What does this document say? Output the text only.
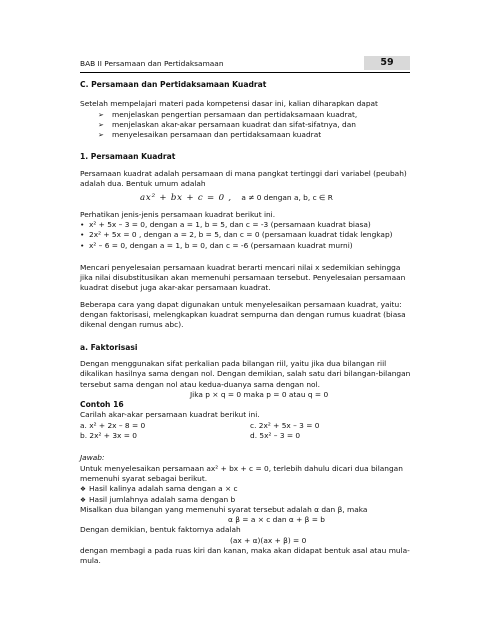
BAB II Persamaan dan Pertidaksamaan	59

C. Persamaan dan Pertidaksamaan Kuadrat

Setelah mempelajari materi pada kompetensi dasar ini, kalian diharapkan dapat

➢ menjelaskan pengertian persamaan dan pertidaksamaan kuadrat,
➢ menjelaskan akar-akar persamaan kuadrat dan sifat-sifatnya, dan
➢ menyelesaikan persamaan dan pertidaksamaan kuadrat

1. Persamaan Kuadrat

Persamaan kuadrat adalah persamaan di mana pangkat tertinggi dari variabel (peubah) adalah dua. Bentuk umum adalah

ax² + bx + c = 0 , a ≠ 0 dengan a, b, c ∈ R

Perhatikan jenis-jenis persamaan kuadrat berikut ini.

• x² + 5x – 3 = 0, dengan a = 1, b = 5, dan c = -3 (persamaan kuadrat biasa)
• 2x² + 5x = 0 , dengan a = 2, b = 5, dan c = 0 (persamaan kuadrat tidak lengkap)
• x² – 6 = 0, dengan a = 1, b = 0, dan c = -6 (persamaan kuadrat murni)

Mencari penyelesaian persamaan kuadrat berarti mencari nilai x sedemikian sehingga jika nilai disubstitusikan akan memenuhi persamaan tersebut. Penyelesaian persamaan kuadrat disebut juga akar-akar persamaan kuadrat.

Beberapa cara yang dapat digunakan untuk menyelesaikan persamaan kuadrat, yaitu: dengan faktorisasi, melengkapkan kuadrat sempurna dan dengan rumus kuadrat (biasa dikenal dengan rumus abc).

a. Faktorisasi

Dengan menggunakan sifat perkalian pada bilangan riil, yaitu jika dua bilangan riil dikalikan hasilnya sama dengan nol. Dengan demikian, salah satu dari bilangan-bilangan tersebut sama dengan nol atau kedua-duanya sama dengan nol.

Jika p × q = 0 maka p = 0 atau q = 0

Contoh 16

Carilah akar-akar persamaan kuadrat berikut ini.

a. x² + 2x – 8 = 0	c. 2x² + 5x – 3 = 0
b. 2x² + 3x = 0	d. 5x² – 3 = 0

Jawab:

Untuk menyelesaikan persamaan ax² + bx + c = 0, terlebih dahulu dicari dua bilangan memenuhi syarat sebagai berikut.

❖ Hasil kalinya adalah sama dengan a × c
❖ Hasil jumlahnya adalah sama dengan b

Misalkan dua bilangan yang memenuhi syarat tersebut adalah α dan β, maka

α β = a × c dan α + β = b

Dengan demikian, bentuk faktornya adalah

(ax + α)(ax + β) = 0

dengan membagi a pada ruas kiri dan kanan, maka akan didapat bentuk asal atau mula-mula.
